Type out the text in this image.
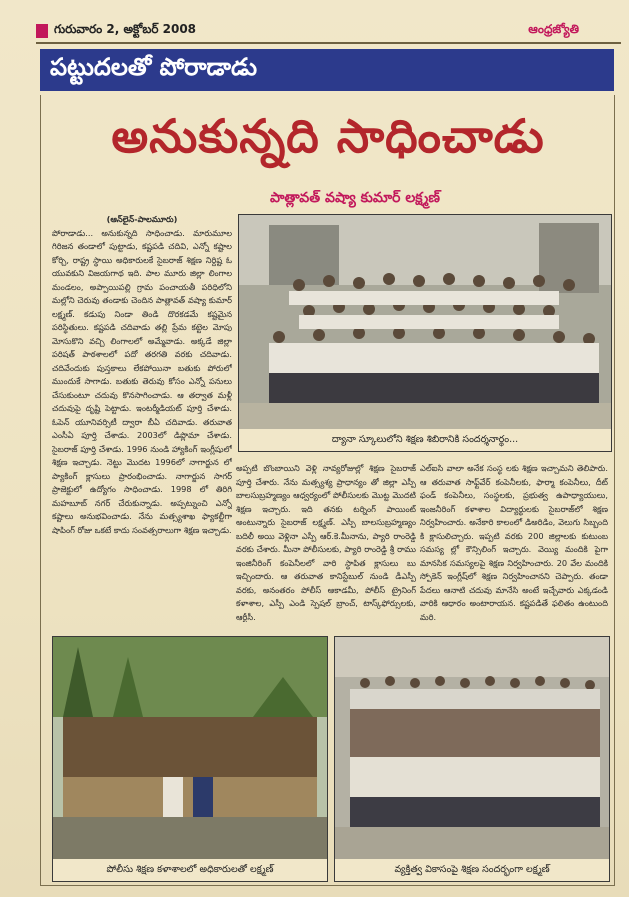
గురువారం 2, అక్టోబర్ 2008	ఆంధ్రజ్యోతి
పట్టుదలతో పోరాడాడు
అనుకున్నది సాధించాడు
పాత్లావత్ వష్యా కుమార్ లక్ష్మణ్
(ఆన్‌లైన్-పాలమూరు)
పోరాడాడు... అనుకున్నది సాధించాడు. మారుమూల గిరిజన తండాలో పుట్టాడు, కష్టపడి చదివి, ఎన్నో కష్టాల కోర్చి, రాష్ట్ర స్థాయి అధికారులకే సైబరాజ్ శిక్షణ నిర్దిష్ట ఓ యువకుని విజయగాథ ఇది. పాల మూరు జిల్లా లింగాల మండలం, అప్పాయిపల్లి గ్రామ పంచాయతీ పరిధిలోని మల్లోని చెరువు తండాకు చెందిన పాత్లావత్ వష్యా కుమార్ లక్ష్మణ్. కడుపు నిండా తిండి దొరకడమే కష్టమైన పరిస్థితులు. కష్టపడి చదివాడు తల్లి ప్రేమ కట్టెల మోపు మోసుకొని వచ్చి లింగాలలో అమ్మేవాడు. అక్కడే జిల్లా పరిషత్ పాఠశాలలో పదో తరగతి వరకు చదివాడు. చదివేందుకు పుస్తకాలు లేకపోయినా బతుకు పోరులో ముందుకే సాగాడు. బతుకు తెరువు కోసం ఎన్నో పనులు చేసుకుంటూ చదువు కొనసాగించాడు. ఆ తర్వాత మళ్లీ చదువుపై దృష్టి పెట్టాడు. ఇంటర్మీడియట్ పూర్తి చేశాడు. ఓపెన్ యూనివర్సిటీ ద్వారా బీఏ చదివాడు. తరువాత ఎంసీఏ పూర్తి చేశాడు. 2003లో డిప్లొమా చేశాడు. సైబరాజ్ పూర్తి చేశాడు. 1996 నుండి హ్యాకింగ్ ఇంగ్లీషులో శిక్షణ ఇచ్చాడు. నెట్టు మొదట 1996లో నాగార్జున లో ప్యాకింగ్ క్లాసులు ప్రారంభించాడు. నాగార్జున సాగర్ ప్రాజెక్టులో ఉద్యోగం సాధించాడు. 1998 లో తిరిగి మహబూబ్ నగర్ చేరుకున్నాడు. అప్పట్నుంచి ఎన్నో కష్టాలు అనుభవించాడు. నేను మత్స్యశాఖ ఫ్యాకల్టీగా షాపింగ్ రోజు ఒకటే కాదు సంవత్సరాలుగా శిక్షణ ఇచ్చాడు.
ద్యానా స్కూలులోని శిక్షణ శిబిరానికి సందర్శనార్థం...
అప్పటి బొంబాయిని వెళ్లి నావ్యరోజుల్లో శిక్షణ సైబరాజ్ పూర్తి చేశారు. నేను మత్స్యశ్య ప్రాధాన్యం తో జిల్లా ఎస్పీ బాలసుబ్రహ్మణ్యం ఆధ్వర్యంలో పోలీసులకు మొట్ట మొదటి శిక్షణ ఇచ్చారు. ఇది తనకు టర్నింగ్ పాయింట్ అంటున్నారు సైబరాజ్ లక్ష్మణ్. ఎస్పీ బాలసుబ్రహ్మణ్యం బదిలీ అయి వెళ్లినా ఎస్పీ ఆర్.కె.మీనాను, ప్యారి రాంరెడ్డి వరకు చేశారు. మీనా పోలీసులకు, ప్యారి రాంరెడ్డి శ్రీ రాము ఇంజినీరింగ్ కంపెనీలలో వారి స్థాపిత క్లాసులు బు ఇచ్చిందారు. ఆ తరువాత కానిస్టేబుల్ నుండి డీఎస్పీ వరకు, అనంతరం పోలీస్ ఆకాడమీ, పోలీస్ ట్రైనింగ్ కళాశాల, ఎస్పీ ఎండి స్పెషల్ బ్రాంచ్, టాస్క్‌ఫోర్సులకు, ఆర్టీసీ.
ఎల్ఐసి వాలా అనేక సంస్థ లకు శిక్షణ ఇచ్చామని తెలిపారు. ఆ తరువాత సాఫ్ట్‌వేర్ కంపెనీలకు, ఫార్మా కంపెనీలు, దీట్ ఫండ్ కంపెనీలు, సంస్థలకు, ప్రభుత్వ ఉపాధ్యాయులు, ఇంజనీరింగ్ కళాశాల విద్యార్థులకు సైబరాజ్‌లో శిక్షణ నిర్వహించారు. అనేకారి కాలంలో డిఅరిడిం, వెలుగు సిబ్బంది కి క్లాసులిచ్చారు. ఇప్పటి వరకు 200 జిల్లాలకు కుటుంబ సమస్య ల్లో కౌన్సిలింగ్ ఇచ్చారు. వెయ్యి మందికి పైగా మానసిక సమస్యలపై శిక్షణ నిర్వహించారు. 20 వేల మందికి స్పోకెన్ ఇంగ్లీష్‌లో శిక్షణ నిర్వహించానని చెప్పారు. తండా పేదలు ఆనాటి చదువు మానేసి అంటే ఇచ్చేవారు ఎక్కడండి వారికి ఆధారం అంటారాయన. కష్టపడితే ఫలితం ఉంటుంది మరి.
పోలీసు శిక్షణ కళాశాలలో అధికారులతో లక్ష్మణ్	వ్యక్తిత్వ వికాసంపై శిక్షణ సందర్భంగా లక్ష్మణ్
